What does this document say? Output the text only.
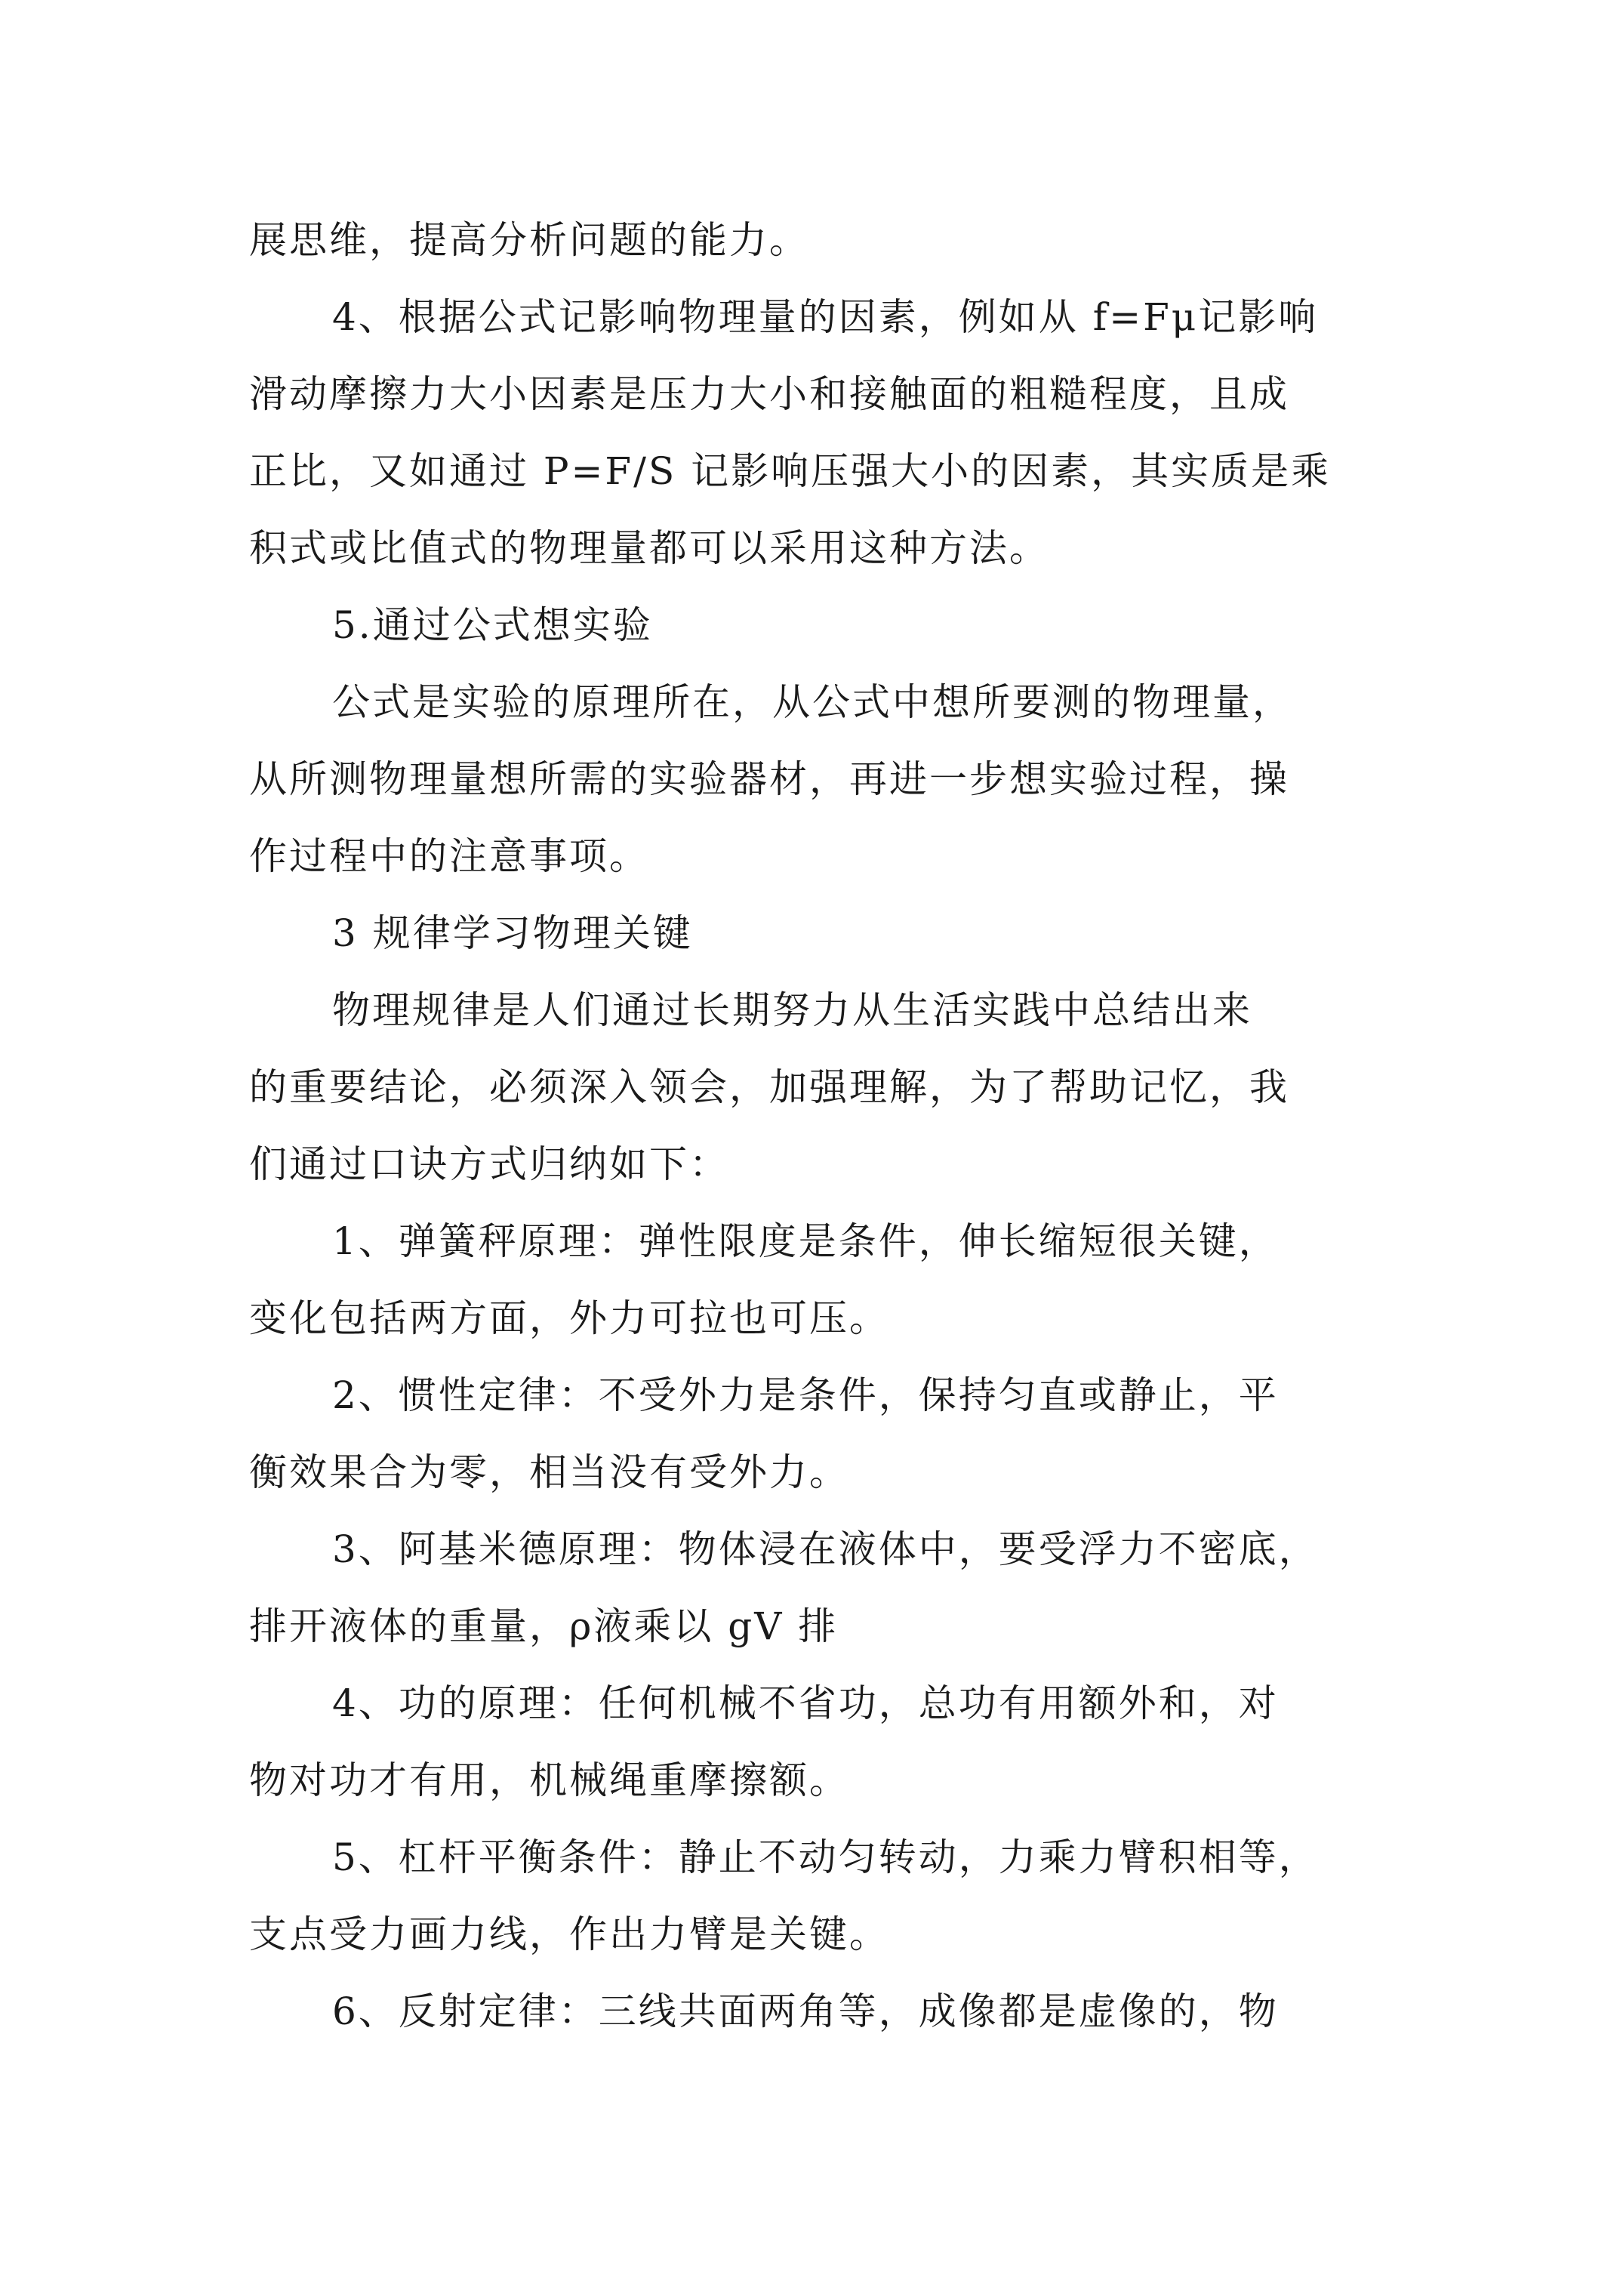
展思维，提高分析问题的能力。
4、根据公式记影响物理量的因素，例如从 f=Fμ记影响
滑动摩擦力大小因素是压力大小和接触面的粗糙程度，且成
正比，又如通过 P=F/S 记影响压强大小的因素，其实质是乘
积式或比值式的物理量都可以采用这种方法。
5.通过公式想实验
公式是实验的原理所在，从公式中想所要测的物理量，
从所测物理量想所需的实验器材，再进一步想实验过程，操
作过程中的注意事项。
3 规律学习物理关键
物理规律是人们通过长期努力从生活实践中总结出来
的重要结论，必须深入领会，加强理解，为了帮助记忆，我
们通过口诀方式归纳如下：
1、弹簧秤原理：弹性限度是条件，伸长缩短很关键，
变化包括两方面，外力可拉也可压。
2、惯性定律：不受外力是条件，保持匀直或静止，平
衡效果合为零，相当没有受外力。
3、阿基米德原理：物体浸在液体中，要受浮力不密底，
排开液体的重量，ρ液乘以 gV 排
4、功的原理：任何机械不省功，总功有用额外和，对
物对功才有用，机械绳重摩擦额。
5、杠杆平衡条件：静止不动匀转动，力乘力臂积相等，
支点受力画力线，作出力臂是关键。
6、反射定律：三线共面两角等，成像都是虚像的，物
